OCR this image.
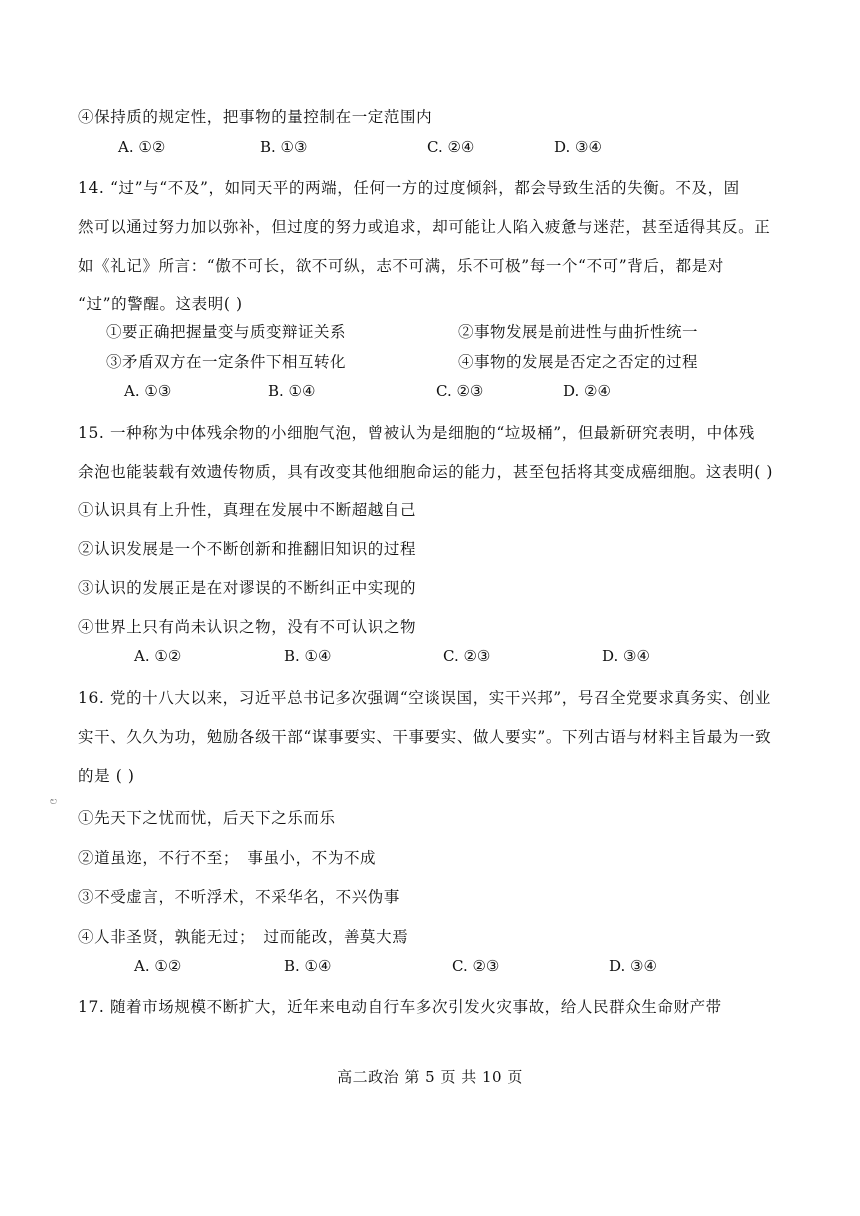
④保持质的规定性，把事物的量控制在一定范围内
A. ①②	B. ①③	C. ②④	D. ③④
14. “过”与“不及”，如同天平的两端，任何一方的过度倾斜，都会导致生活的失衡。不及，固
然可以通过努力加以弥补，但过度的努力或追求，却可能让人陷入疲惫与迷茫，甚至适得其反。正
如《礼记》所言：“傲不可长，欲不可纵，志不可满，乐不可极”每一个“不可”背后，都是对
“过”的警醒。这表明( )
①要正确把握量变与质变辩证关系	②事物发展是前进性与曲折性统一
③矛盾双方在一定条件下相互转化	④事物的发展是否定之否定的过程
A. ①③	B. ①④	C. ②③	D. ②④
15. 一种称为中体残余物的小细胞气泡，曾被认为是细胞的“垃圾桶”，但最新研究表明，中体残
余泡也能装载有效遗传物质，具有改变其他细胞命运的能力，甚至包括将其变成癌细胞。这表明( )
①认识具有上升性，真理在发展中不断超越自己
②认识发展是一个不断创新和推翻旧知识的过程
③认识的发展正是在对谬误的不断纠正中实现的
④世界上只有尚未认识之物，没有不可认识之物
A. ①②	B. ①④	C. ②③	D. ③④
16. 党的十八大以来，习近平总书记多次强调“空谈误国，实干兴邦”，号召全党要求真务实、创业
实干、久久为功，勉励各级干部“谋事要实、干事要实、做人要实”。下列古语与材料主旨最为一致
的是 ( )
ಲ
①先天下之忧而忧，后天下之乐而乐
②道虽迩，不行不至；　事虽小，不为不成
③不受虚言，不听浮术，不采华名，不兴伪事
④人非圣贤，孰能无过；　过而能改，善莫大焉
A. ①②	B. ①④	C. ②③	D. ③④
17. 随着市场规模不断扩大，近年来电动自行车多次引发火灾事故，给人民群众生命财产带
高二政治 第 5 页 共 10 页
